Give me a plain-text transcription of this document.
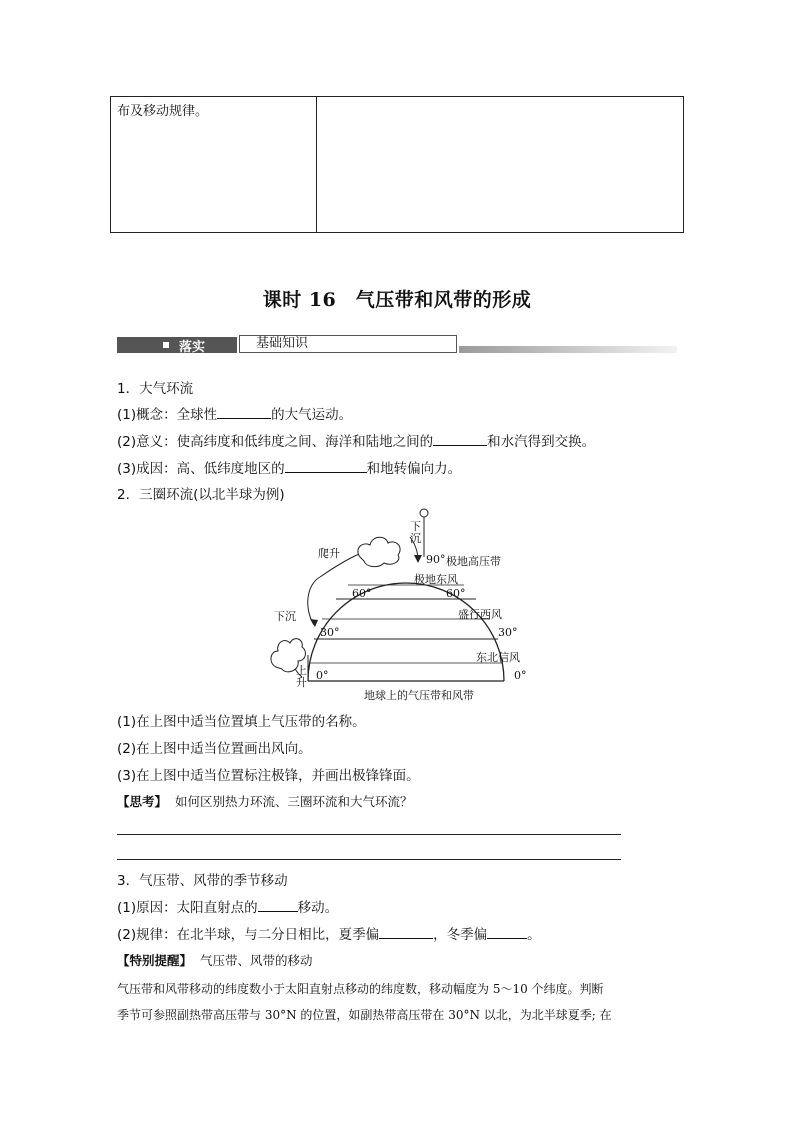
布及移动规律。
课时 16　气压带和风带的形成
落实	基础知识
1．大气环流
(1)概念：全球性	的大气运动。
(2)意义：使高纬度和低纬度之间、海洋和陆地之间的	和水汽得到交换。
(3)成因：高、低纬度地区的	和地转偏向力。
2．三圈环流(以北半球为例)
下
沉
爬升	90° 极地高压带
极地东风
60°	60°
盛行西风
下沉
30°	30°
东北信风
上
升
0°	0°
地球上的气压带和风带
(1)在上图中适当位置填上气压带的名称。
(2)在上图中适当位置画出风向。
(3)在上图中适当位置标注极锋，并画出极锋锋面。
【思考】 如何区别热力环流、三圈环流和大气环流？
3．气压带、风带的季节移动
(1)原因：太阳直射点的	移动。
(2)规律：在北半球，与二分日相比，夏季偏	，冬季偏	。
【特别提醒】 气压带、风带的移动
气压带和风带移动的纬度数小于太阳直射点移动的纬度数，移动幅度为 5～10 个纬度。判断
季节可参照副热带高压带与 30°N 的位置，如副热带高压带在 30°N 以北，为北半球夏季; 在
